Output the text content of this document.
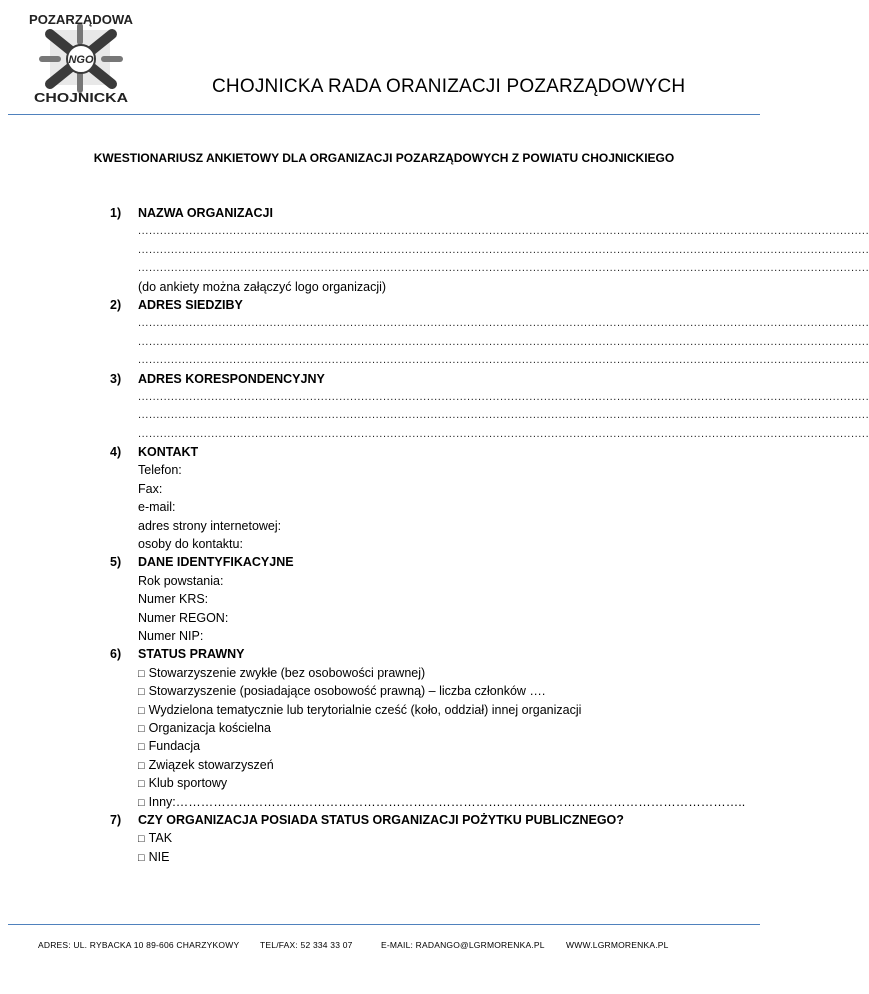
NGO
POZARZĄDOWA
CHOJNICKA
CHOJNICKA RADA ORANIZACJI POZARZĄDOWYCH
KWESTIONARIUSZ ANKIETOWY DLA ORGANIZACJI POZARZĄDOWYCH Z POWIATU CHOJNICKIEGO
1) NAZWA ORGANIZACJI
........................................................................................................................................................................................................
........................................................................................................................................................................................................
........................................................................................................................................................................................................
(do ankiety można załączyć logo organizacji)
2) ADRES SIEDZIBY
........................................................................................................................................................................................................
........................................................................................................................................................................................................
........................................................................................................................................................................................................
3) ADRES KORESPONDENCYJNY
........................................................................................................................................................................................................
........................................................................................................................................................................................................
........................................................................................................................................................................................................
4) KONTAKT
Telefon:
Fax:
e-mail:
adres strony internetowej:
osoby do kontaktu:
5) DANE IDENTYFIKACYJNE
Rok powstania:
Numer KRS:
Numer REGON:
Numer NIP:
6) STATUS PRAWNY
□ Stowarzyszenie zwykłe (bez osobowości prawnej)
□ Stowarzyszenie (posiadające osobowość prawną) – liczba członków ….
□ Wydzielona tematycznie lub terytorialnie cześć (koło, oddział) innej organizacji
□ Organizacja kościelna
□ Fundacja
□ Związek stowarzyszeń
□ Klub sportowy
□ Inny:………………………………………………………………………………………………………………………..
7) CZY ORGANIZACJA POSIADA STATUS ORGANIZACJI POŻYTKU PUBLICZNEGO?
□ TAK
□ NIE
ADRES: UL. RYBACKA 10 89-606 CHARZYKOWY TEL/FAX: 52 334 33 07	E-MAIL: RADANGO@LGRMORENKA.PL	WWW.LGRMORENKA.PL
